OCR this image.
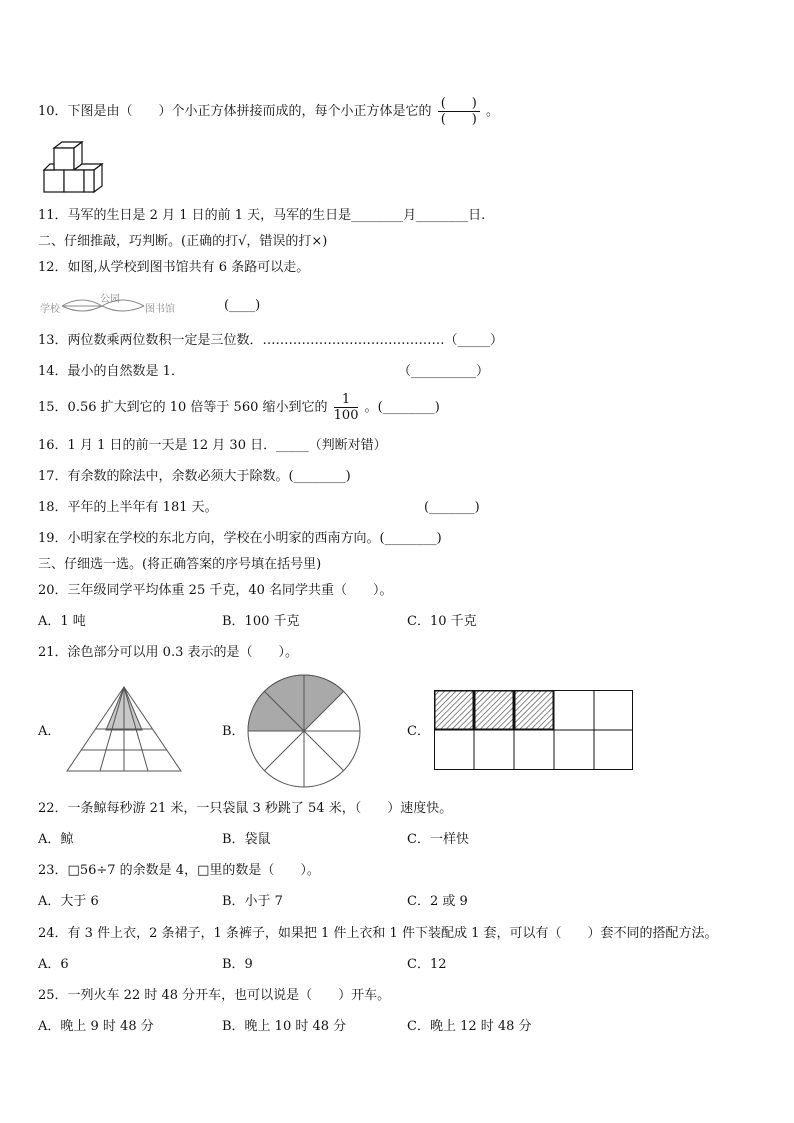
10．下图是由（　　）个小正方体拼接而成的，每个小正方体是它的 $\frac{( )}{( )}$ 。
11．马军的生日是 2 月 1 日的前 1 天，马军的生日是________月________日.
二、仔细推敲，巧判断。(正确的打√，错误的打×)
12．如图,从学校到图书馆共有 6 条路可以走。
学校
公园
图书馆	(____)
13．两位数乘两位数积一定是三位数．……………………………………（_____）
14．最小的自然数是 1．	（__________）
15．0.56 扩大到它的 10 倍等于 560 缩小到它的 $\frac{1}{100}$ 。(________)
16．1 月 1 日的前一天是 12 月 30 日．_____（判断对错）
17．有余数的除法中，余数必须大于除数。(________)
18．平年的上半年有 181 天。	(_______)
19．小明家在学校的东北方向，学校在小明家的西南方向。(________)
三、仔细选一选。(将正确答案的序号填在括号里)
20．三年级同学平均体重 25 千克，40 名同学共重（　　）。
A．1 吨	B．100 千克	C．10 千克
21．涂色部分可以用 0.3 表示的是（　　）。
A．	B．	C．
22．一条鲸每秒游 21 米，一只袋鼠 3 秒跳了 54 米，（　　）速度快。
A．鲸	B．袋鼠	C．一样快
23．□56÷7 的余数是 4，□里的数是（　　）。
A．大于 6	B．小于 7	C．2 或 9
24．有 3 件上衣，2 条裙子，1 条裤子，如果把 1 件上衣和 1 件下装配成 1 套，可以有（　　）套不同的搭配方法。
A．6	B．9	C．12
25．一列火车 22 时 48 分开车，也可以说是（　　）开车。
A．晚上 9 时 48 分	B．晚上 10 时 48 分	C．晚上 12 时 48 分
